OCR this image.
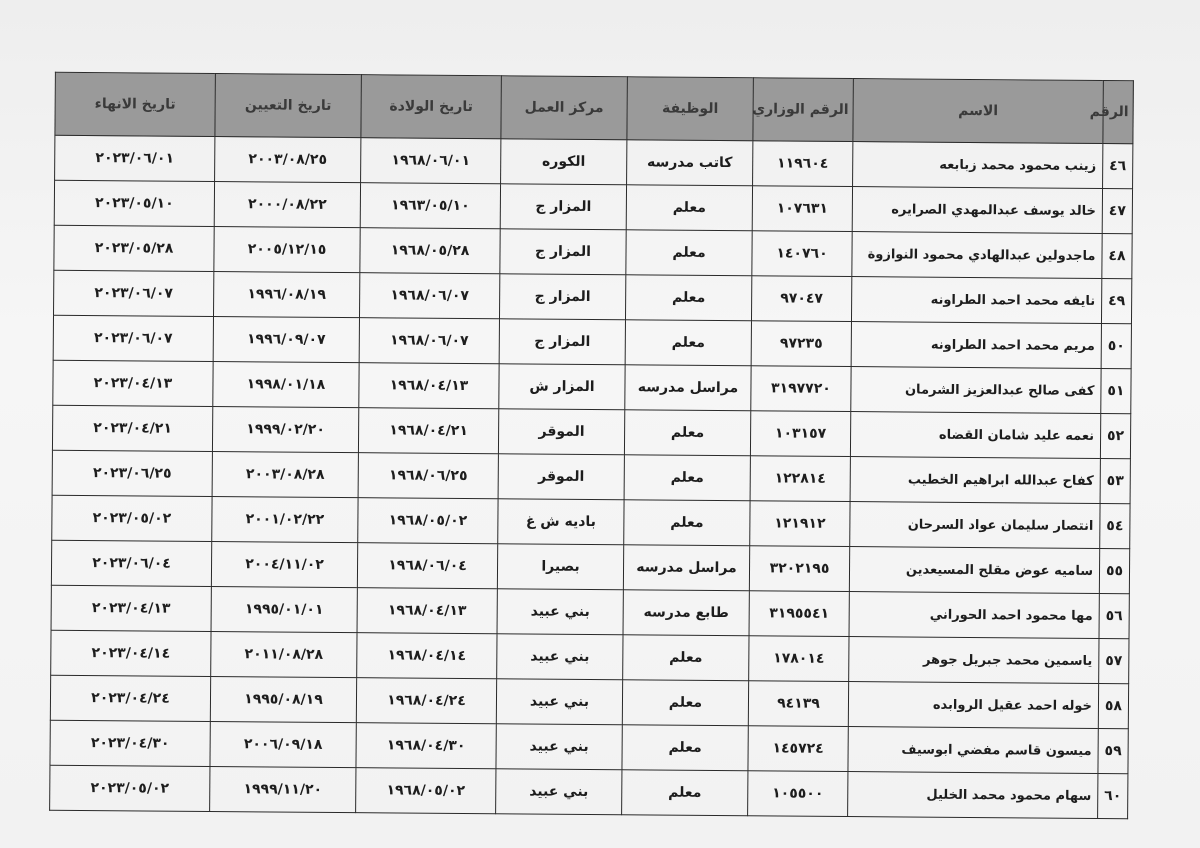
الرقم	الاسم	الرقم الوزاري	الوظيفة	مركز العمل	تاريخ الولادة	تاريخ التعيين	تاريخ الانهاء
٤٦	زينب محمود محمد زبابعه	١١٩٦٠٤	كاتب مدرسه	الكوره	١٩٦٨/٠٦/٠١	٢٠٠٣/٠٨/٢٥	٢٠٢٣/٠٦/٠١
٤٧	خالد يوسف عبدالمهدي الصرايره	١٠٧٦٣١	معلم	المزار ج	١٩٦٣/٠٥/١٠	٢٠٠٠/٠٨/٢٢	٢٠٢٣/٠٥/١٠
٤٨	ماجدولين عبدالهادي محمود النوازوة	١٤٠٧٦٠	معلم	المزار ج	١٩٦٨/٠٥/٢٨	٢٠٠٥/١٢/١٥	٢٠٢٣/٠٥/٢٨
٤٩	نايفه محمد احمد الطراونه	٩٧٠٤٧	معلم	المزار ج	١٩٦٨/٠٦/٠٧	١٩٩٦/٠٨/١٩	٢٠٢٣/٠٦/٠٧
٥٠	مريم محمد احمد الطراونه	٩٧٢٣٥	معلم	المزار ج	١٩٦٨/٠٦/٠٧	١٩٩٦/٠٩/٠٧	٢٠٢٣/٠٦/٠٧
٥١	كفى صالح عبدالعزيز الشرمان	٣١٩٧٧٢٠	مراسل مدرسه	المزار ش	١٩٦٨/٠٤/١٣	١٩٩٨/٠١/١٨	٢٠٢٣/٠٤/١٣
٥٢	نعمه عليد شامان القضاه	١٠٣١٥٧	معلم	الموقر	١٩٦٨/٠٤/٢١	١٩٩٩/٠٢/٢٠	٢٠٢٣/٠٤/٢١
٥٣	كفاح عبدالله ابراهيم الخطيب	١٢٢٨١٤	معلم	الموقر	١٩٦٨/٠٦/٢٥	٢٠٠٣/٠٨/٢٨	٢٠٢٣/٠٦/٢٥
٥٤	انتصار سليمان عواد السرحان	١٢١٩١٢	معلم	باديه ش غ	١٩٦٨/٠٥/٠٢	٢٠٠١/٠٢/٢٢	٢٠٢٣/٠٥/٠٢
٥٥	ساميه عوض مقلح المسيعدين	٣٢٠٢١٩٥	مراسل مدرسه	بصيرا	١٩٦٨/٠٦/٠٤	٢٠٠٤/١١/٠٢	٢٠٢٣/٠٦/٠٤
٥٦	مها محمود احمد الحوراني	٣١٩٥٥٤١	طابع مدرسه	بني عبيد	١٩٦٨/٠٤/١٣	١٩٩٥/٠١/٠١	٢٠٢٣/٠٤/١٣
٥٧	ياسمين محمد جبريل جوهر	١٧٨٠١٤	معلم	بني عبيد	١٩٦٨/٠٤/١٤	٢٠١١/٠٨/٢٨	٢٠٢٣/٠٤/١٤
٥٨	خوله احمد عقيل الروابده	٩٤١٣٩	معلم	بني عبيد	١٩٦٨/٠٤/٢٤	١٩٩٥/٠٨/١٩	٢٠٢٣/٠٤/٢٤
٥٩	ميسون قاسم مفضي ابوسيف	١٤٥٧٢٤	معلم	بني عبيد	١٩٦٨/٠٤/٣٠	٢٠٠٦/٠٩/١٨	٢٠٢٣/٠٤/٣٠
٦٠	سهام محمود محمد الخليل	١٠٥٥٠٠	معلم	بني عبيد	١٩٦٨/٠٥/٠٢	١٩٩٩/١١/٢٠	٢٠٢٣/٠٥/٠٢
